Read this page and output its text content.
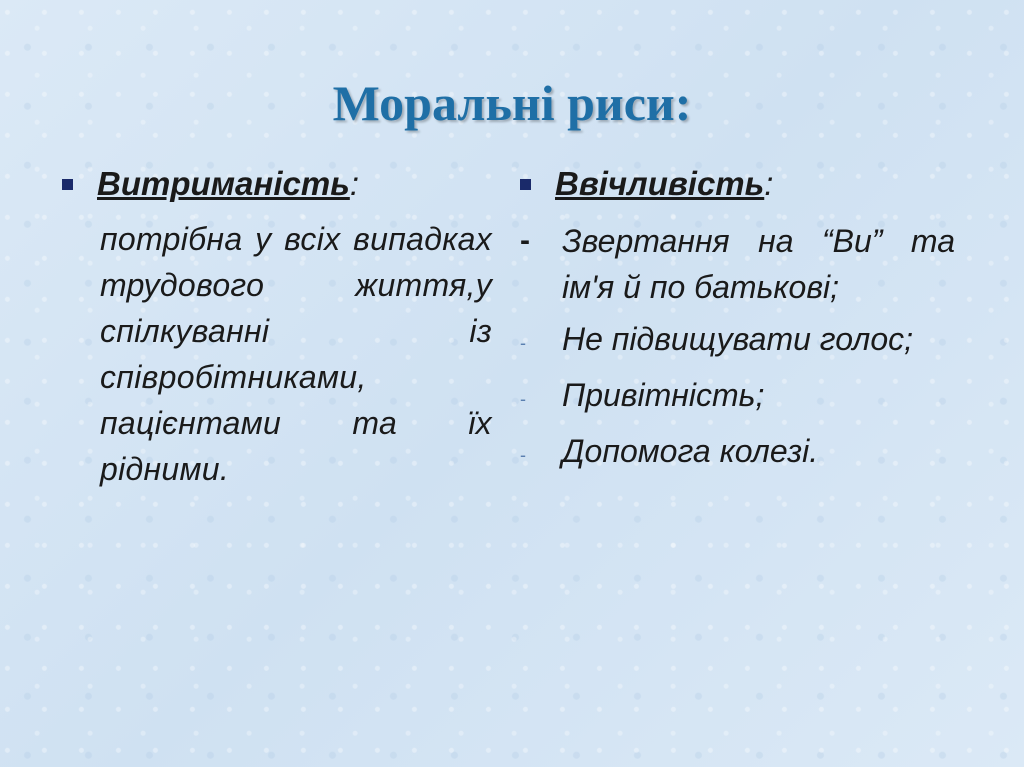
Моральні риси:
Витриманість :
потрібна у всіх випадках трудового життя,у спілкуванні із співробітниками, пацієнтами та їх рідними.
Ввічливість :
-	Звертання на “Ви” та ім'я й по батькові;
-	Не підвищувати голос;
-	Привітність;
-	Допомога колезі.
